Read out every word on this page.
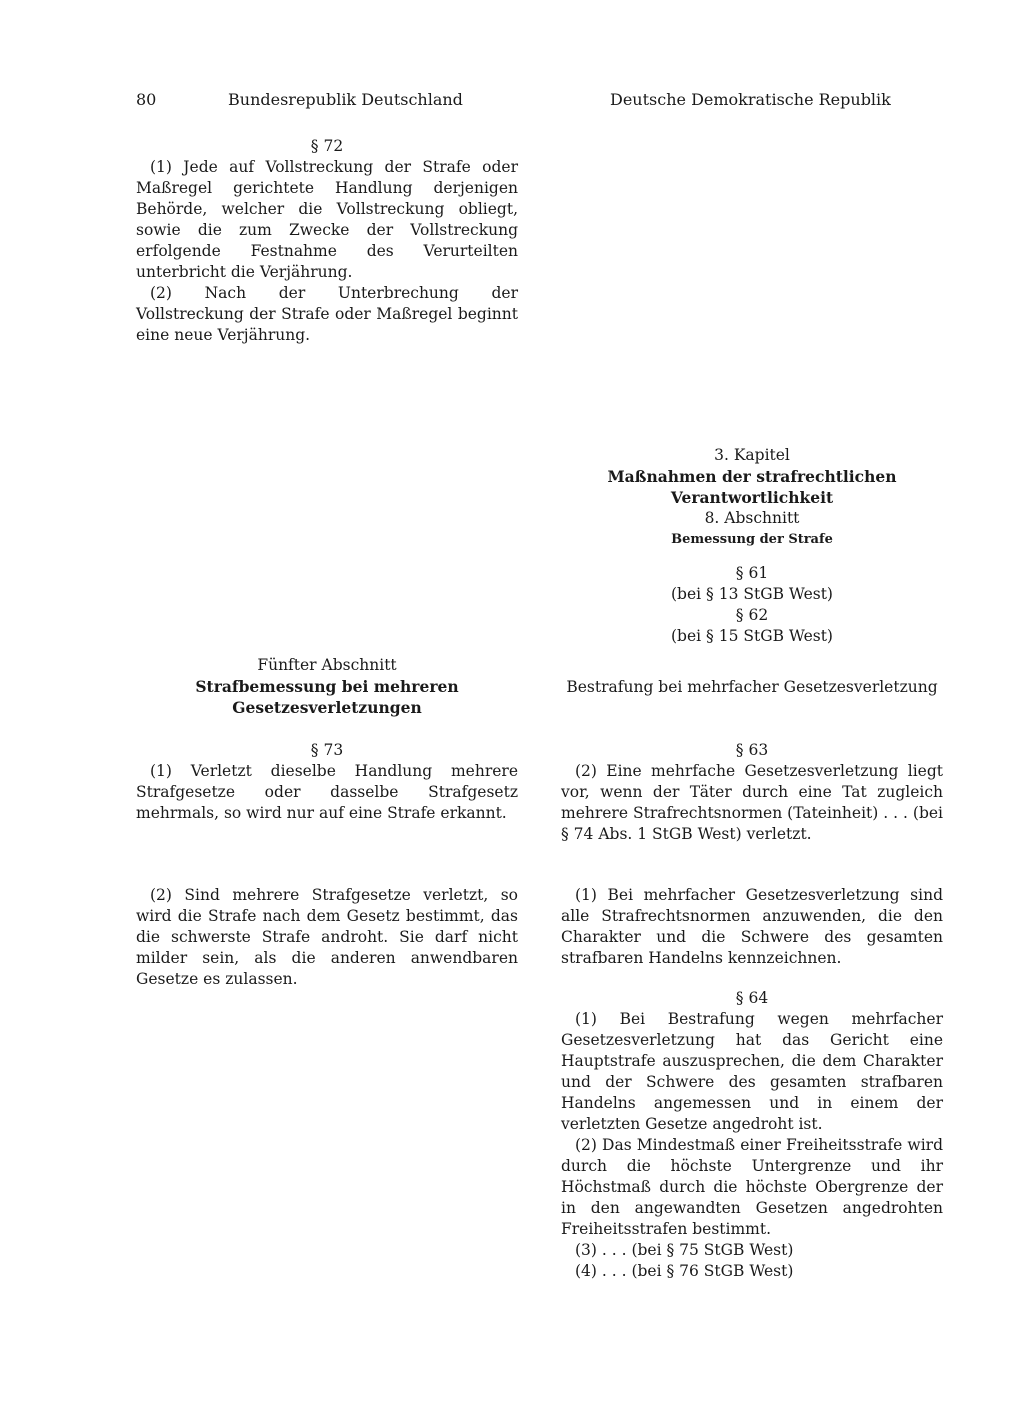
80	Bundesrepublik Deutschland	Deutsche Demokratische Republik

§ 72

(1) Jede auf Vollstreckung der Strafe oder Maßregel gerichtete Handlung derjenigen Behörde, welcher die Vollstreckung obliegt, sowie die zum Zwecke der Vollstreckung erfolgende Festnahme des Verurteilten unterbricht die Verjährung.

(2) Nach der Unterbrechung der Vollstreckung der Strafe oder Maßregel beginnt eine neue Verjährung.

Fünfter Abschnitt

Strafbemessung bei mehreren Gesetzesverletzungen

§ 73

(1) Verletzt dieselbe Handlung mehrere Strafgesetze oder dasselbe Strafgesetz mehrmals, so wird nur auf eine Strafe erkannt.

(2) Sind mehrere Strafgesetze verletzt, so wird die Strafe nach dem Gesetz bestimmt, das die schwerste Strafe androht. Sie darf nicht milder sein, als die anderen anwendbaren Gesetze es zulassen.

3. Kapitel

Maßnahmen der strafrechtlichen Verantwortlichkeit

8. Abschnitt

Bemessung der Strafe

§ 61

(bei § 13 StGB West)

§ 62

(bei § 15 StGB West)

Bestrafung bei mehrfacher Gesetzesverletzung

§ 63

(2) Eine mehrfache Gesetzesverletzung liegt vor, wenn der Täter durch eine Tat zugleich mehrere Strafrechtsnormen (Tateinheit) . . . (bei § 74 Abs. 1 StGB West) verletzt.

(1) Bei mehrfacher Gesetzesverletzung sind alle Strafrechtsnormen anzuwenden, die den Charakter und die Schwere des gesamten strafbaren Handelns kennzeichnen.

§ 64

(1) Bei Bestrafung wegen mehrfacher Gesetzesverletzung hat das Gericht eine Hauptstrafe auszusprechen, die dem Charakter und der Schwere des gesamten strafbaren Handelns angemessen und in einem der verletzten Gesetze angedroht ist.

(2) Das Mindestmaß einer Freiheitsstrafe wird durch die höchste Untergrenze und ihr Höchstmaß durch die höchste Obergrenze der in den angewandten Gesetzen angedrohten Freiheitsstrafen bestimmt.

(3) . . . (bei § 75 StGB West)

(4) . . . (bei § 76 StGB West)
